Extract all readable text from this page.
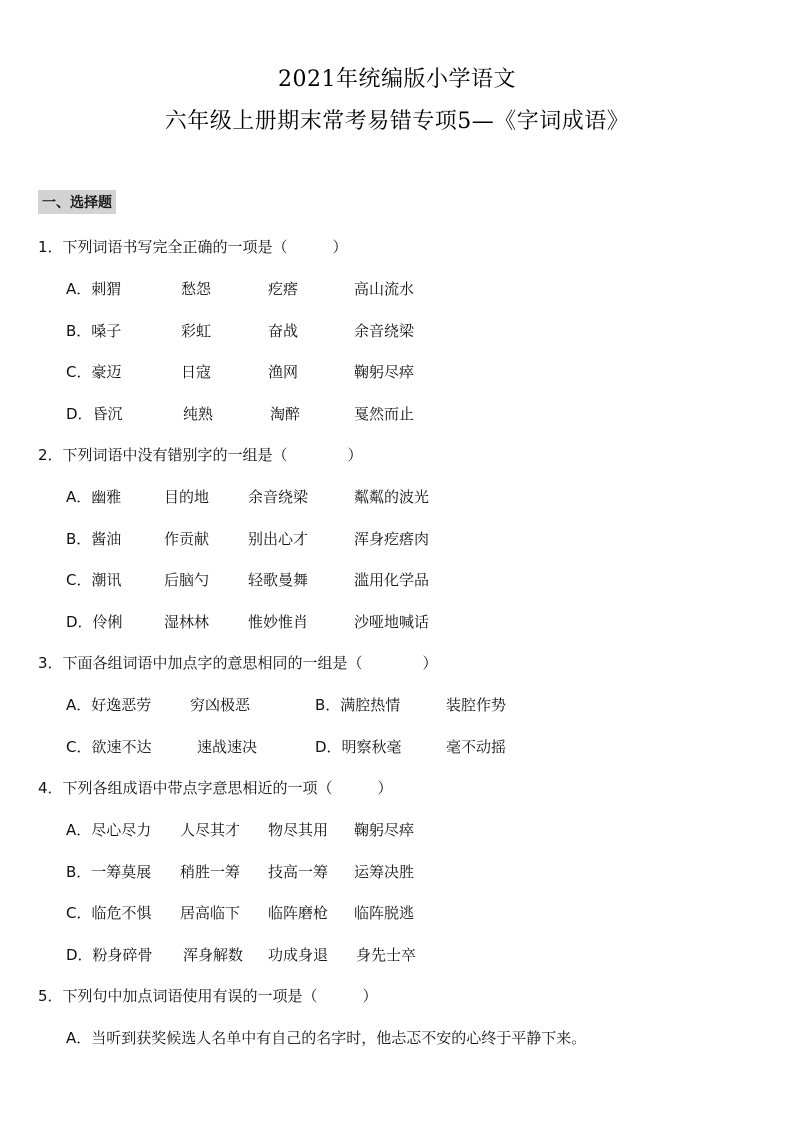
2021年统编版小学语文
六年级上册期末常考易错专项5—《字词成语》
一、选择题
1．下列词语书写完全正确的一项是（　　　）
A．刺猬	愁怨	疙瘩	高山流水
B．嗓子	彩虹	奋战	余音绕梁
C．豪迈	日寇	渔网	鞠躬尽瘁
D．昏沉	纯熟	淘醉	戛然而止
2．下列词语中没有错别字的一组是（　　　　）
A．幽雅	目的地	余音绕梁	粼粼的波光
B．酱油	作贡献	别出心才	浑身疙瘩肉
C．潮讯	后脑勺	轻歌曼舞	滥用化学品
D．伶俐	湿林林	惟妙惟肖	沙哑地喊话
3．下面各组词语中加点字的意思相同的一组是（　　　　）
A．好逸恶劳	穷凶极恶	B．满腔热情	装腔作势
C．欲速不达	速战速决	D．明察秋毫	毫不动摇
4．下列各组成语中带点字意思相近的一项（　　　）
A．尽心尽力 人尽其才 物尽其用 鞠躬尽瘁
B．一筹莫展 稍胜一筹 技高一筹 运筹决胜
C．临危不惧 居高临下 临阵磨枪 临阵脱逃
D．粉身碎骨 浑身解数 功成身退 身先士卒
5．下列句中加点词语使用有误的一项是（　　　）
A．当听到获奖候选人名单中有自己的名字时，他忐忑不安的心终于平静下来。
